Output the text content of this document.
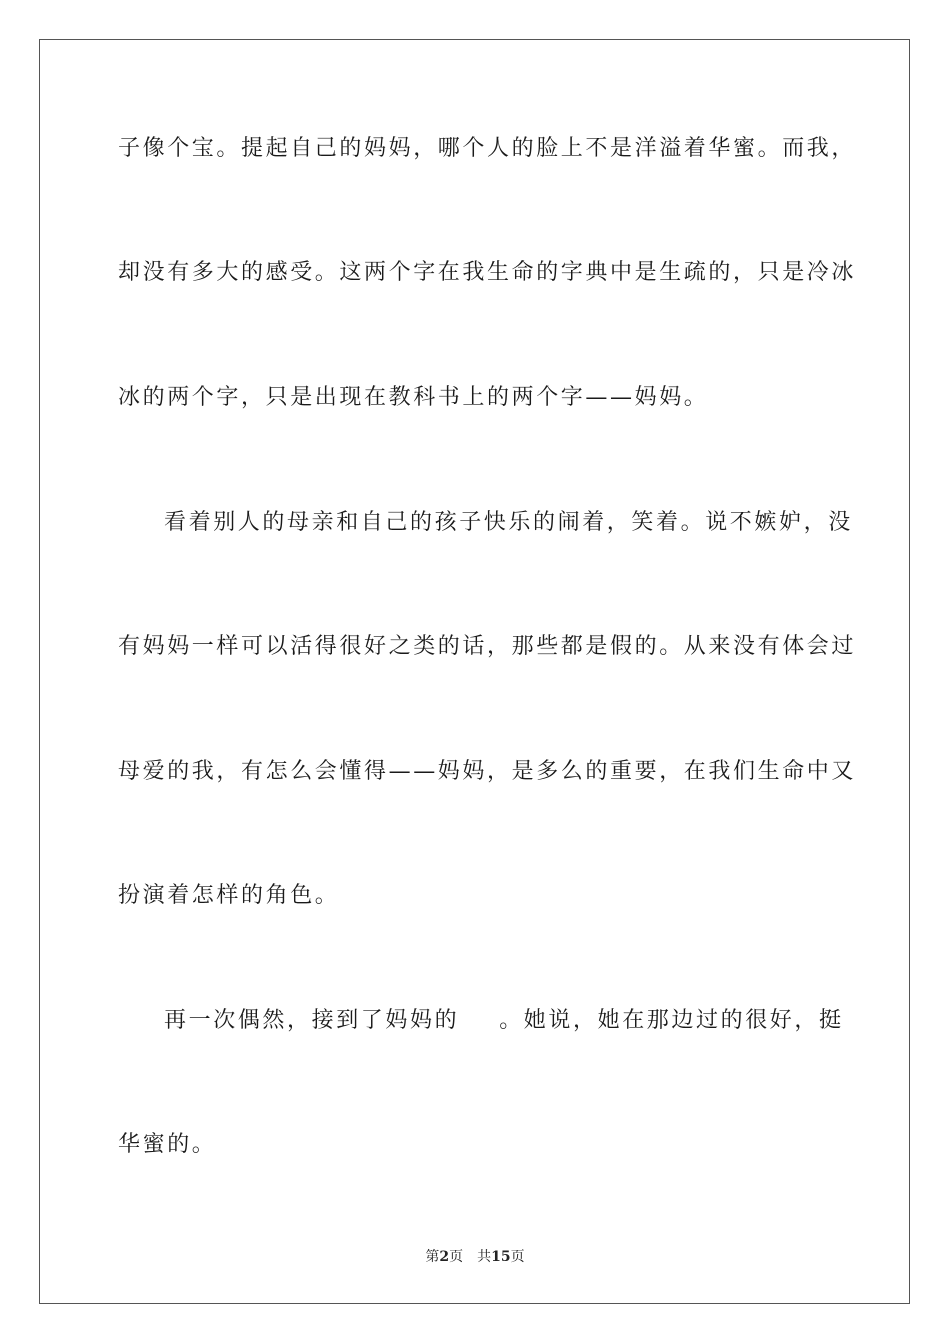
子像个宝。提起自己的妈妈，哪个人的脸上不是洋溢着华蜜。而我，
却没有多大的感受。这两个字在我生命的字典中是生疏的，只是冷冰
冰的两个字，只是出现在教科书上的两个字——妈妈。
看着别人的母亲和自己的孩子快乐的闹着，笑着。说不嫉妒，没
有妈妈一样可以活得很好之类的话，那些都是假的。从来没有体会过
母爱的我，有怎么会懂得——妈妈，是多么的重要，在我们生命中又
扮演着怎样的角色。
再一次偶然，接到了妈妈的 。她说，她在那边过的很好，挺
华蜜的。
第2页 共15页
